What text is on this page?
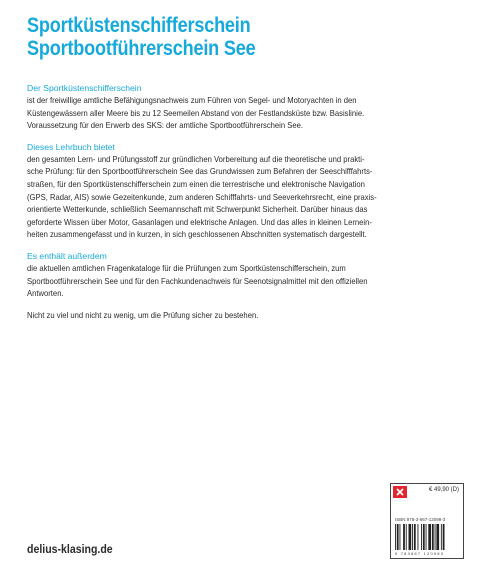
Sportküstenschifferschein
Sportbootführerschein See

Der Sportküstenschifferschein

ist der freiwillige amtliche Befähigungsnachweis zum Führen von Segel- und Motoryachten in den
Küstengewässern aller Meere bis zu 12 Seemeilen Abstand von der Festlandsküste bzw. Basislinie.
Voraussetzung für den Erwerb des SKS: der amtliche Sportbootführerschein See.

Dieses Lehrbuch bietet

den gesamten Lern- und Prüfungsstoff zur gründlichen Vorbereitung auf die theoretische und prakti-
sche Prüfung: für den Sportbootführerschein See das Grundwissen zum Befahren der Seeschifffahrts-
straßen, für den Sportküstenschifferschein zum einen die terrestrische und elektronische Navigation
(GPS, Radar, AIS) sowie Gezeitenkunde, zum anderen Schifffahrts- und Seeverkehrsrecht, eine praxis-
orientierte Wetterkunde, schließlich Seemannschaft mit Schwerpunkt Sicherheit. Darüber hinaus das
geforderte Wissen über Motor, Gasanlagen und elektrische Anlagen. Und das alles in kleinen Lernein-
heiten zusammengefasst und in kurzen, in sich geschlossenen Abschnitten systematisch dargestellt.

Es enthält außerdem

die aktuellen amtlichen Fragenkataloge für die Prüfungen zum Sportküstenschifferschein, zum
Sportbootführerschein See und für den Fachkundenachweis für Seenotsignalmittel mit den offiziellen
Antworten.
Nicht zu viel und nicht zu wenig, um die Prüfung sicher zu bestehen.

delius-klasing.de

€ 49,90 (D)
ISBN 978-3-667-12098-3
9 783667 120983
